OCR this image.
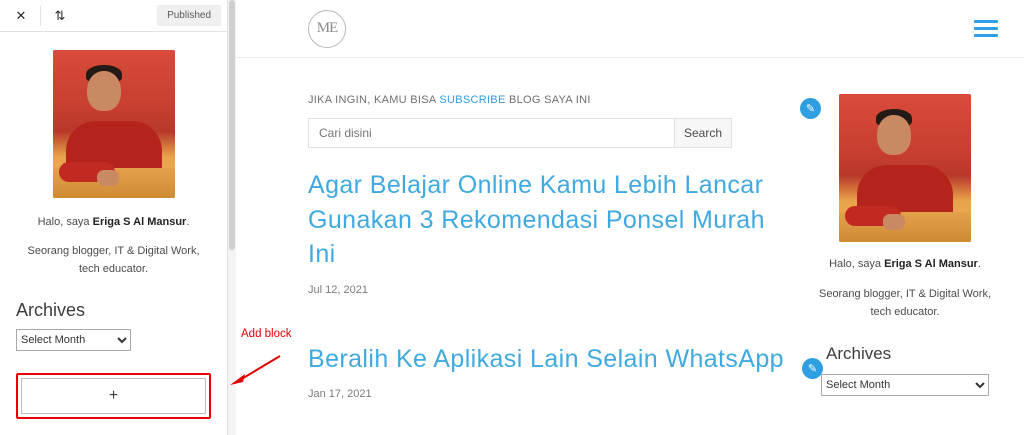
✕	⇅	Published
Halo, saya Eriga S Al Mansur.
Seorang blogger, IT & Digital Work, tech educator.
Archives
Select Month
+
ME
JIKA INGIN, KAMU BISA SUBSCRIBE BLOG SAYA INI
Cari disini
Search
Agar Belajar Online Kamu Lebih Lancar Gunakan 3 Rekomendasi Ponsel Murah Ini
Jul 12, 2021
Beralih Ke Aplikasi Lain Selain WhatsApp
Jan 17, 2021
✎
Halo, saya Eriga S Al Mansur.
Seorang blogger, IT & Digital Work, tech educator.
✎
Archives
Select Month
Add block
